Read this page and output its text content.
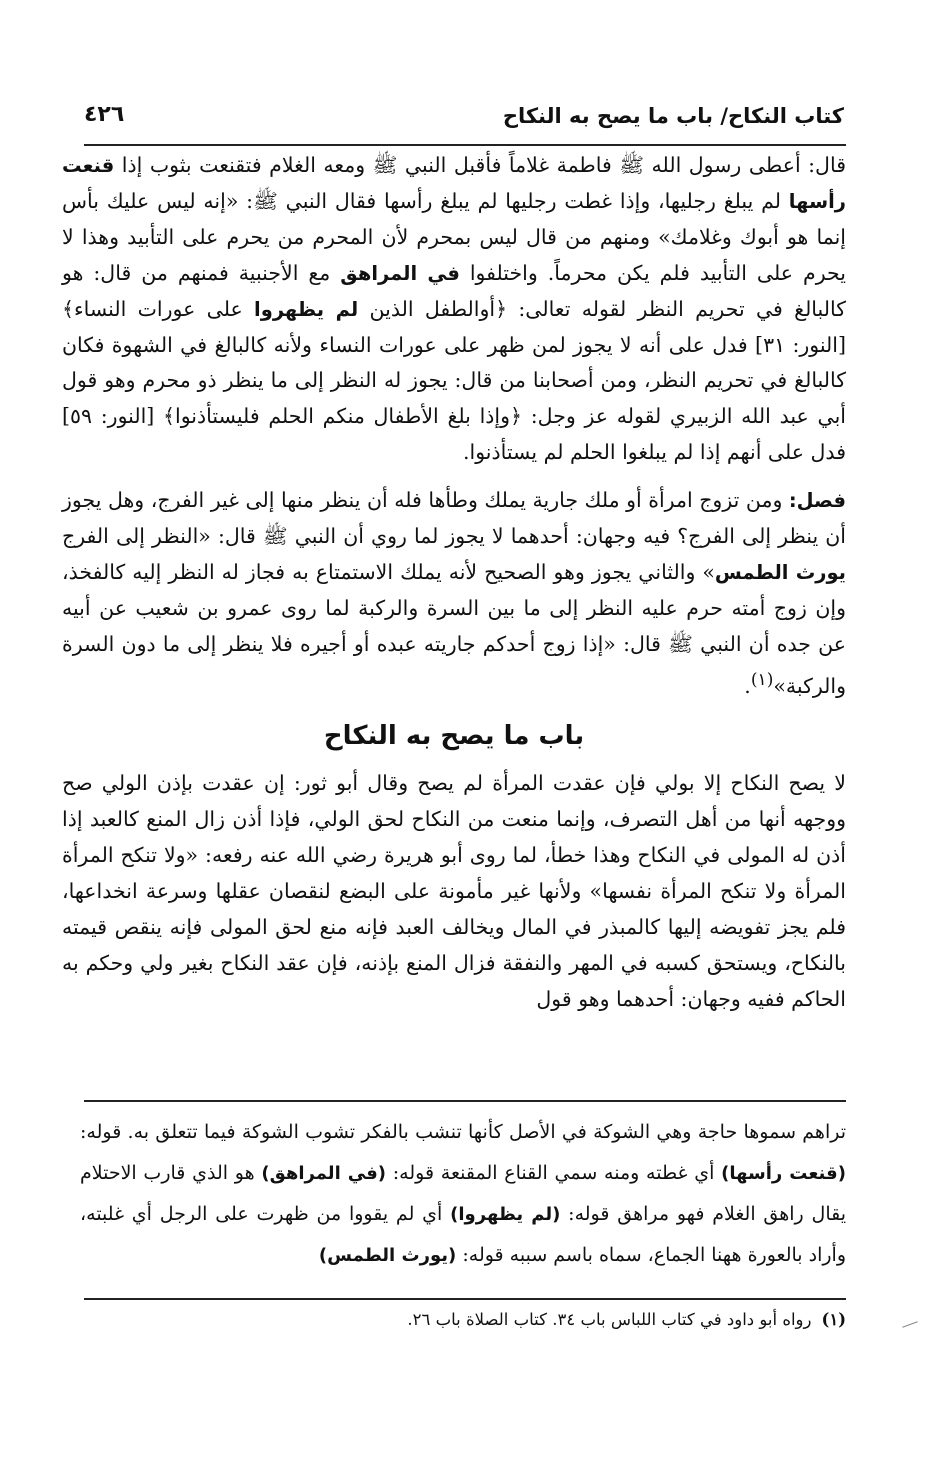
كتاب النكاح/ باب ما يصح به النكاح
٤٢٦

قال: أعطى رسول الله ﷺ فاطمة غلاماً فأقبل النبي ﷺ ومعه الغلام فتقنعت بثوب إذا قنعت رأسها لم يبلغ رجليها، وإذا غطت رجليها لم يبلغ رأسها فقال النبي ﷺ: «إنه ليس عليك بأس إنما هو أبوك وغلامك» ومنهم من قال ليس بمحرم لأن المحرم من يحرم على التأبيد وهذا لا يحرم على التأبيد فلم يكن محرماً. واختلفوا في المراهق مع الأجنبية فمنهم من قال: هو كالبالغ في تحريم النظر لقوله تعالى: ﴿أوالطفل الذين لم يظهروا على عورات النساء﴾ [النور: ٣١] فدل على أنه لا يجوز لمن ظهر على عورات النساء ولأنه كالبالغ في الشهوة فكان كالبالغ في تحريم النظر، ومن أصحابنا من قال: يجوز له النظر إلى ما ينظر ذو محرم وهو قول أبي عبد الله الزبيري لقوله عز وجل: ﴿وإذا بلغ الأطفال منكم الحلم فليستأذنوا﴾ [النور: ٥٩] فدل على أنهم إذا لم يبلغوا الحلم لم يستأذنوا.

فصل: ومن تزوج امرأة أو ملك جارية يملك وطأها فله أن ينظر منها إلى غير الفرج، وهل يجوز أن ينظر إلى الفرج؟ فيه وجهان: أحدهما لا يجوز لما روي أن النبي ﷺ قال: «النظر إلى الفرج يورث الطمس» والثاني يجوز وهو الصحيح لأنه يملك الاستمتاع به فجاز له النظر إليه كالفخذ، وإن زوج أمته حرم عليه النظر إلى ما بين السرة والركبة لما روى عمرو بن شعيب عن أبيه عن جده أن النبي ﷺ قال: «إذا زوج أحدكم جاريته عبده أو أجيره فلا ينظر إلى ما دون السرة والركبة»$^{(١)}$.

باب ما يصح به النكاح

لا يصح النكاح إلا بولي فإن عقدت المرأة لم يصح وقال أبو ثور: إن عقدت بإذن الولي صح ووجهه أنها من أهل التصرف، وإنما منعت من النكاح لحق الولي، فإذا أذن زال المنع كالعبد إذا أذن له المولى في النكاح وهذا خطأ، لما روى أبو هريرة رضي الله عنه رفعه: «ولا تنكح المرأة المرأة ولا تنكح المرأة نفسها» ولأنها غير مأمونة على البضع لنقصان عقلها وسرعة انخداعها، فلم يجز تفويضه إليها كالمبذر في المال ويخالف العبد فإنه منع لحق المولى فإنه ينقص قيمته بالنكاح، ويستحق كسبه في المهر والنفقة فزال المنع بإذنه، فإن عقد النكاح بغير ولي وحكم به الحاكم ففيه وجهان: أحدهما وهو قول

تراهم سموها حاجة وهي الشوكة في الأصل كأنها تنشب بالفكر تشوب الشوكة فيما تتعلق به. قوله: (قنعت رأسها) أي غطته ومنه سمي القناع المقنعة قوله: (في المراهق) هو الذي قارب الاحتلام يقال راهق الغلام فهو مراهق قوله: (لم يظهروا) أي لم يقووا من ظهرت على الرجل أي غلبته، وأراد بالعورة ههنا الجماع، سماه باسم سببه قوله: (يورث الطمس)

(١)رواه أبو داود في كتاب اللباس باب ٣٤. كتاب الصلاة باب ٢٦.
